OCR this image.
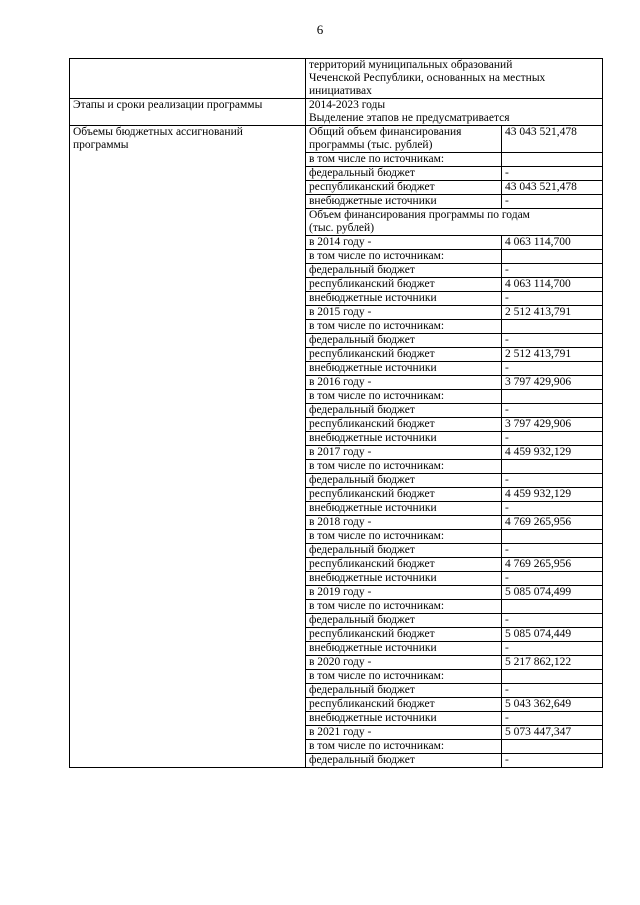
6

	территорий муниципальных образований
Чеченской Республики, основанных на местных
инициативах	

Этапы и сроки реализации программы	2014-2023 годы
Выделение этапов не предусматривается	

Объемы бюджетных ассигнований
программы	Общий объем финансирования
программы (тыс. рублей)	43 043 521,478
	в том числе по источникам:	
	федеральный бюджет	-
	республиканский бюджет	43 043 521,478
	внебюджетные источники	-

	Объем финансирования программы по годам
(тыс. рублей)	

	в 2014 году -	4 063 114,700
	в том числе по источникам:	
	федеральный бюджет	-
	республиканский бюджет	4 063 114,700
	внебюджетные источники	-
	в 2015 году -	2 512 413,791
	в том числе по источникам:	
	федеральный бюджет	-
	республиканский бюджет	2 512 413,791
	внебюджетные источники	-
	в 2016 году -	3 797 429,906
	в том числе по источникам:	
	федеральный бюджет	-
	республиканский бюджет	3 797 429,906
	внебюджетные источники	-
	в 2017 году -	4 459 932,129
	в том числе по источникам:	
	федеральный бюджет	-
	республиканский бюджет	4 459 932,129
	внебюджетные источники	-
	в 2018 году -	4 769 265,956
	в том числе по источникам:	
	федеральный бюджет	-
	республиканский бюджет	4 769 265,956
	внебюджетные источники	-
	в 2019 году -	5 085 074,499
	в том числе по источникам:	
	федеральный бюджет	-
	республиканский бюджет	5 085 074,449
	внебюджетные источники	-
	в 2020 году -	5 217 862,122
	в том числе по источникам:	
	федеральный бюджет	-
	республиканский бюджет	5 043 362,649
	внебюджетные источники	-
	в 2021 году -	5 073 447,347
	в том числе по источникам:	
	федеральный бюджет	-
